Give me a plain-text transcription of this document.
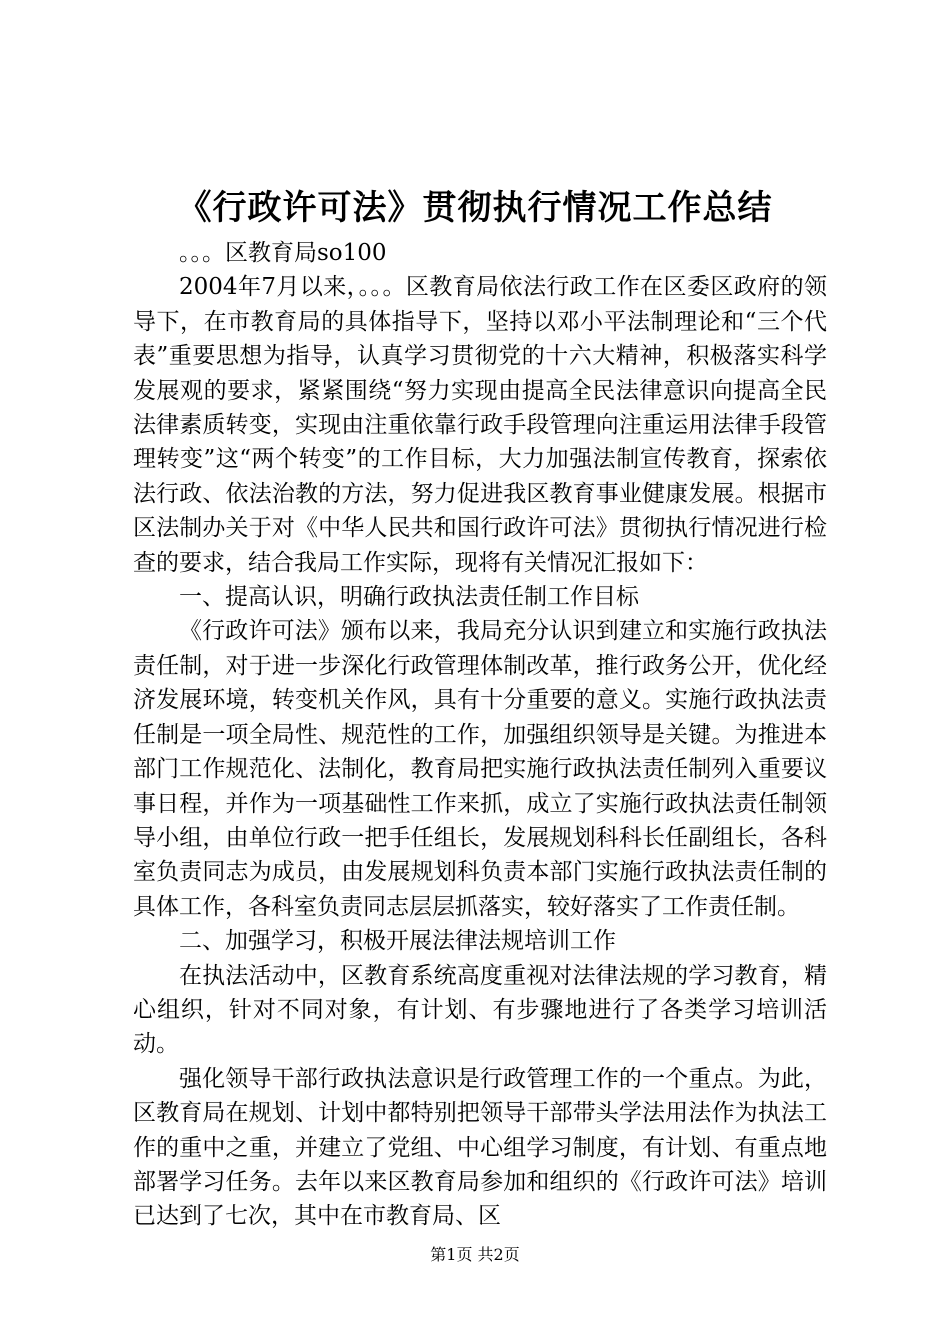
《行政许可法》贯彻执行情况工作总结

。。。区教育局so100

2004年7月以来，。。。区教育局依法行政工作在区委区政府的领导下，在市教育局的具体指导下，坚持以邓小平法制理论和“三个代表”重要思想为指导，认真学习贯彻党的十六大精神，积极落实科学发展观的要求，紧紧围绕“努力实现由提高全民法律意识向提高全民法律素质转变，实现由注重依靠行政手段管理向注重运用法律手段管理转变”这“两个转变”的工作目标，大力加强法制宣传教育，探索依法行政、依法治教的方法，努力促进我区教育事业健康发展。根据市区法制办关于对《中华人民共和国行政许可法》贯彻执行情况进行检查的要求，结合我局工作实际，现将有关情况汇报如下：

一、提高认识，明确行政执法责任制工作目标

《行政许可法》颁布以来，我局充分认识到建立和实施行政执法责任制，对于进一步深化行政管理体制改革，推行政务公开，优化经济发展环境，转变机关作风，具有十分重要的意义。实施行政执法责任制是一项全局性、规范性的工作，加强组织领导是关键。为推进本部门工作规范化、法制化，教育局把实施行政执法责任制列入重要议事日程，并作为一项基础性工作来抓，成立了实施行政执法责任制领导小组，由单位行政一把手任组长，发展规划科科长任副组长，各科室负责同志为成员，由发展规划科负责本部门实施行政执法责任制的具体工作，各科室负责同志层层抓落实，较好落实了工作责任制。

二、加强学习，积极开展法律法规培训工作

在执法活动中，区教育系统高度重视对法律法规的学习教育，精心组织，针对不同对象，有计划、有步骤地进行了各类学习培训活动。

强化领导干部行政执法意识是行政管理工作的一个重点。为此，区教育局在规划、计划中都特别把领导干部带头学法用法作为执法工作的重中之重，并建立了党组、中心组学习制度，有计划、有重点地部署学习任务。去年以来区教育局参加和组织的《行政许可法》培训已达到了七次，其中在市教育局、区

第1页 共2页
